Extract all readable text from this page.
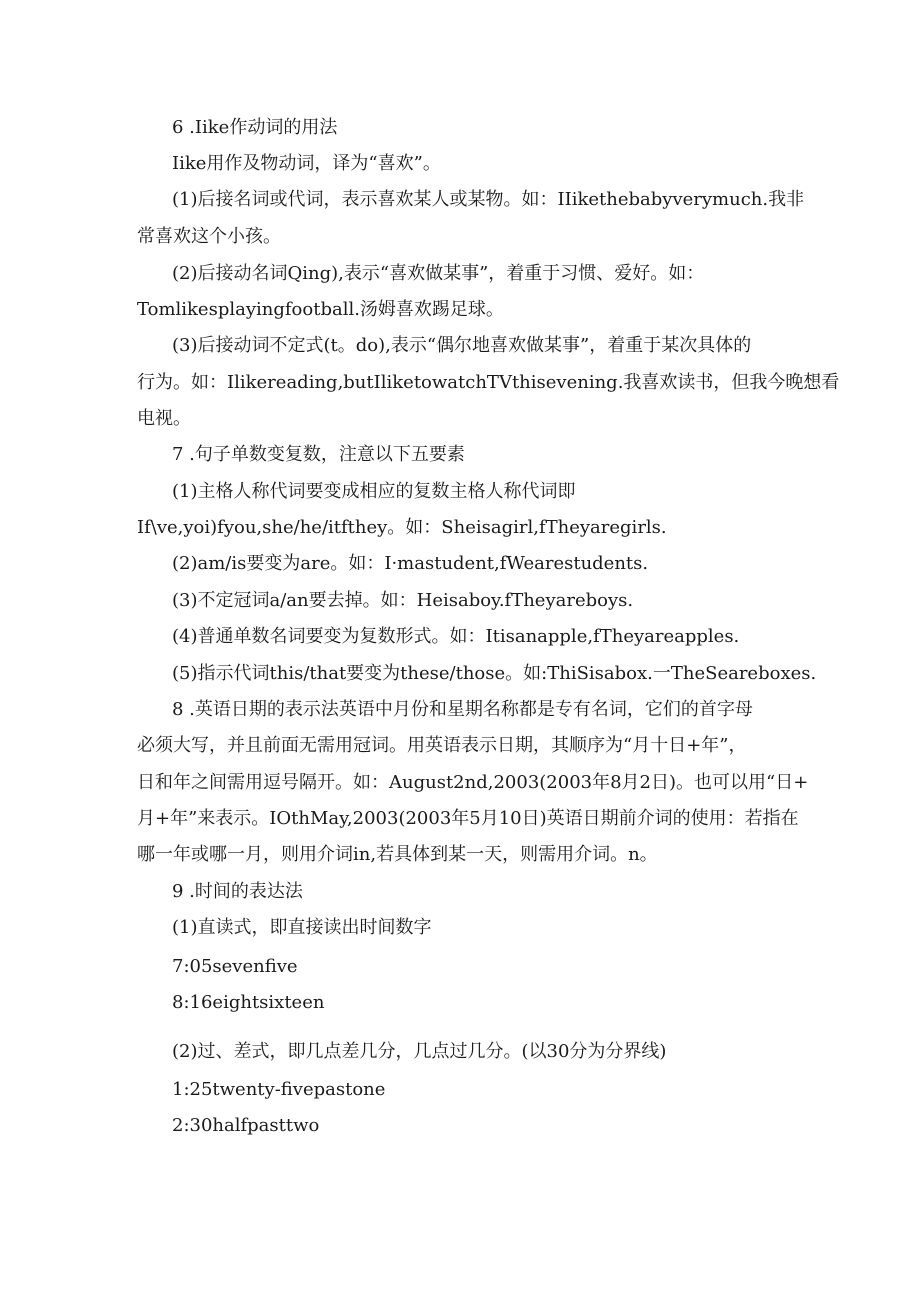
6 .Iike作动词的用法
Iike用作及物动词，译为“喜欢”。
(1)后接名词或代词，表示喜欢某人或某物。如：IIikethebabyverymuch.我非
常喜欢这个小孩。
(2)后接动名词Qing),表示“喜欢做某事”，着重于习惯、爱好。如：
Tomlikesplayingfootball.汤姆喜欢踢足球。
(3)后接动词不定式(t。do),表示“偶尔地喜欢做某事”，着重于某次具体的
行为。如：Ilikereading,butIliketowatchTVthisevening.我喜欢读书，但我今晚想看
电视。
7 .句子单数变复数，注意以下五要素
(1)主格人称代词要变成相应的复数主格人称代词即
If\ve,yoi)fyou,she/he/itfthey。如：Sheisagirl,fTheyaregirls.
(2)am/is要变为are。如：I·mastudent,fWearestudents.
(3)不定冠词a/an要去掉。如：Heisaboy.fTheyareboys.
(4)普通单数名词要变为复数形式。如：Itisanapple,fTheyareapples.
(5)指示代词this/that要变为these/those。如:ThiSisabox.一TheSeareboxes.
8 .英语日期的表示法英语中月份和星期名称都是专有名词，它们的首字母
必须大写，并且前面无需用冠词。用英语表示日期，其顺序为“月十日+年”，
日和年之间需用逗号隔开。如：August2nd,2003(2003年8月2日)。也可以用“日+
月+年”来表示。IOthMay,2003(2003年5月10日)英语日期前介词的使用：若指在
哪一年或哪一月，则用介词in,若具体到某一天，则需用介词。n。
9 .时间的表达法
(1)直读式，即直接读出时间数字
7:05sevenfive
8:16eightsixteen
(2)过、差式，即几点差几分，几点过几分。(以30分为分界线)
1:25twenty-fivepastone
2:30halfpasttwo
